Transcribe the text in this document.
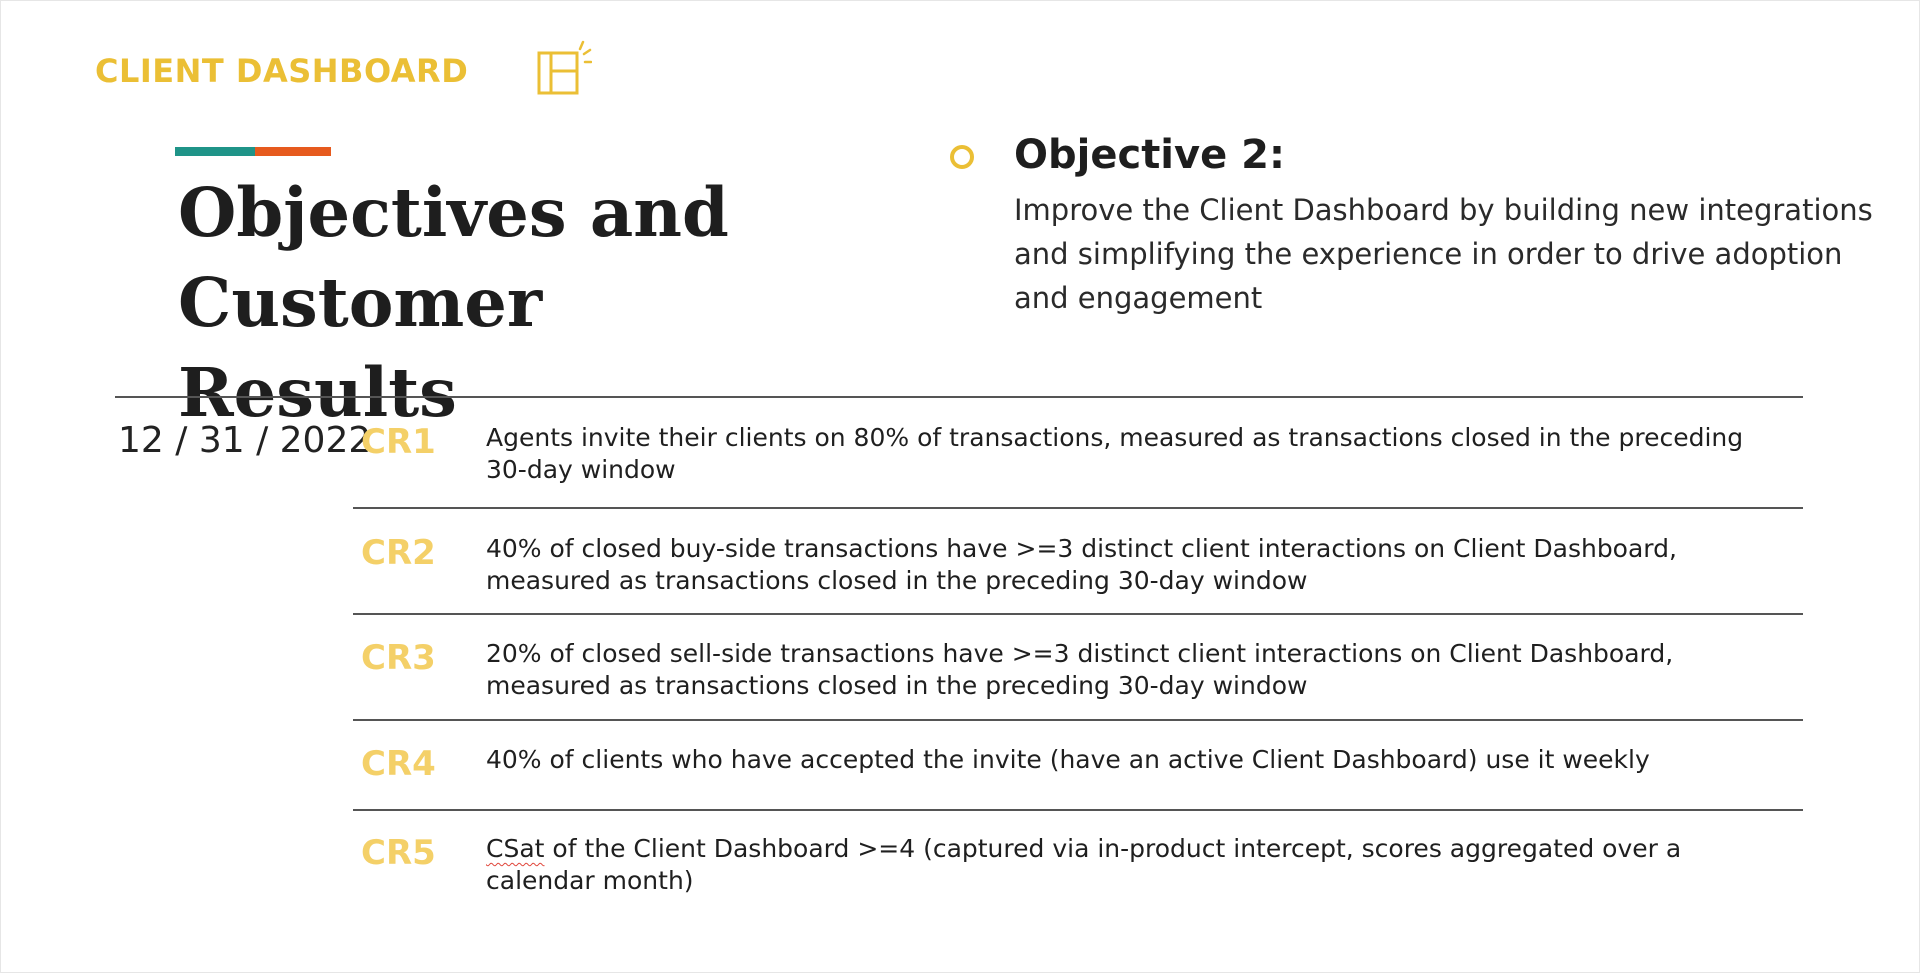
CLIENT DASHBOARD
Objectives and
Customer Results
Objective 2:
Improve the Client Dashboard by building new integrations and simplifying the experience in order to drive adoption and engagement
12 / 31 / 2022
CR1 Agents invite their clients on 80% of transactions, measured as transactions closed in the preceding 30-day window
CR2 40% of closed buy-side transactions have >=3 distinct client interactions on Client Dashboard, measured as transactions closed in the preceding 30-day window
CR3 20% of closed sell-side transactions have >=3 distinct client interactions on Client Dashboard, measured as transactions closed in the preceding 30-day window
CR4 40% of clients who have accepted the invite (have an active Client Dashboard) use it weekly
CR5 CSat of the Client Dashboard >=4 (captured via in-product intercept, scores aggregated over a calendar month)
